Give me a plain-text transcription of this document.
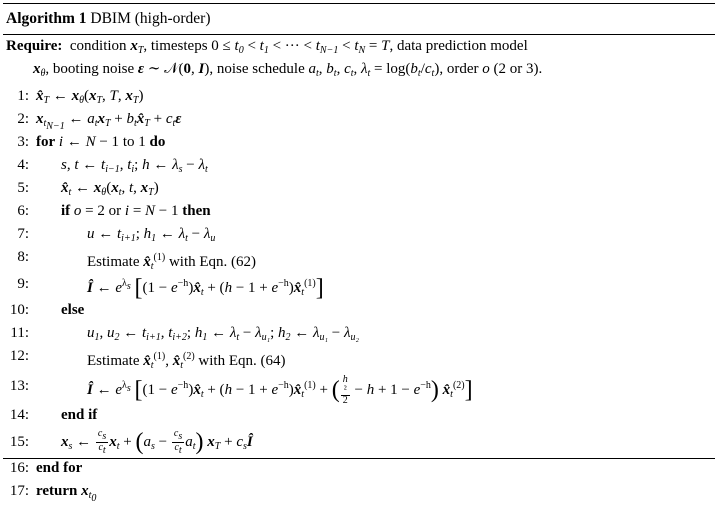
Algorithm 1 DBIM (high-order)
Require:  condition $x_T$, timesteps $0 \le t_0 < t_1$ < ··· < $t_{N-1} < t_N = T$, data prediction model
$x_\theta$, booting noise ε ∼ 𝒩(0, I), noise schedule $a_t$, $b_t$, $c_t$, $\lambda_t = \log(b_t/c_t)$, order o (2 or 3).
1: $x̂_T$ ← $x_\theta(x_T$, T, $x_T$)
2: $x_{t_{N-1}}$ ← $a_tx_T$ + $b_tx̂_T + c_t\varepsilon$
3: for i ← N − 1 to 1 do
4: s, t ← $t_{i-1}$, $t_i$; h ← $\lambda_s - \lambda_t$
5: $x̂_t$ ← $x_\theta(x_t$, t, $x_T$)
6: if o = 2 or i = N − 1 then
7:	u ← $t_{i+1}$; $h_1$ ← $\lambda_t - \lambda_u$
8:	Estimate $x̂_t^{(1)}$ with Eqn. (62)
9:	Î ← $e^{\lambda_s}$ [$(1 - e^{-h})x̂_t + (h - 1$ + $e^{-h})x̂_t^{(1)}$]
10: else
11:	$u_1$, $u_2$ ← $t_{i+1}$, $t_{i+2}$; $h_1$ ← $\lambda_t - \lambda_{u_1}$; $h_2$ ← $\lambda_{u_1} - \lambda_{u_2}$
12:	Estimate $x̂_t^{(1)}$, $x̂_t^{(2)}$ with Eqn. (64)
13:	Î ← $e^{\lambda_s}$ [$(1 - e^{-h})x̂_t + (h - 1$ + $e^{-h})x̂_t^{(1)}$ + ( h
²
$2 - h + 1 - e^{-h}$) $x̂_t^{(2)}$]
14: end if
15: $x_s$ ← $\frac{c_s}{c_t} x_t + (a_s - \frac{c_s}{c_t} a_t) x_T$ + $c_sÎ$
16: end for
17: return $x_{t_0}$
